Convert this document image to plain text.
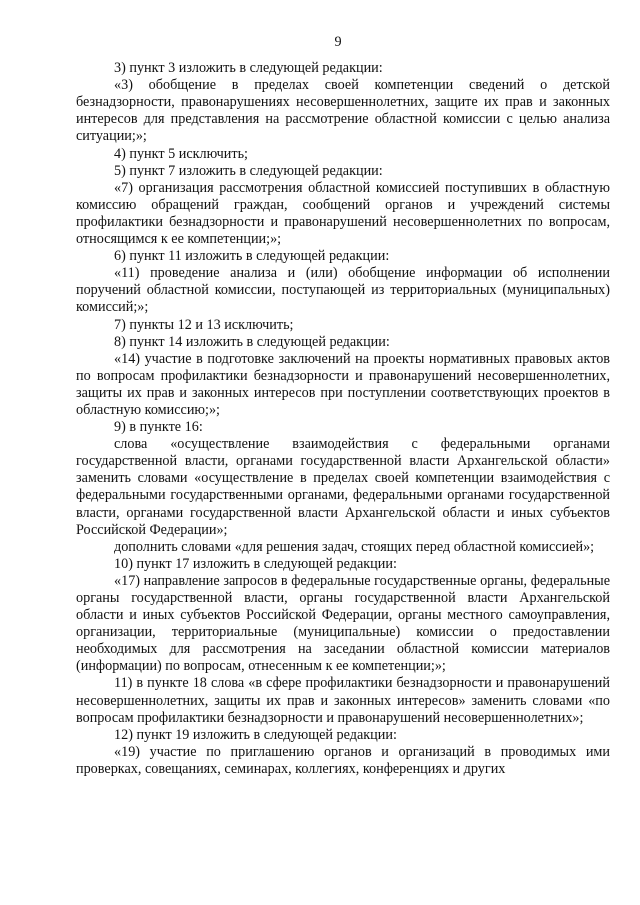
9

3) пункт 3 изложить в следующей редакции:

«3) обобщение в пределах своей компетенции сведений о детской безнадзорности, правонарушениях несовершеннолетних, защите их прав и законных интересов для представления на рассмотрение областной комиссии с целью анализа ситуации;»;

4) пункт 5 исключить;

5) пункт 7 изложить в следующей редакции:

«7) организация рассмотрения областной комиссией поступивших в областную комиссию обращений граждан, сообщений органов и учреждений системы профилактики безнадзорности и правонарушений несовершеннолетних по вопросам, относящимся к ее компетенции;»;

6) пункт 11 изложить в следующей редакции:

«11) проведение анализа и (или) обобщение информации об исполнении поручений областной комиссии, поступающей из территориальных (муниципальных) комиссий;»;

7) пункты 12 и 13 исключить;

8) пункт 14 изложить в следующей редакции:

«14) участие в подготовке заключений на проекты нормативных правовых актов по вопросам профилактики безнадзорности и правонарушений несовершеннолетних, защиты их прав и законных интересов при поступлении соответствующих проектов в областную комиссию;»;

9) в пункте 16:

слова «осуществление взаимодействия с федеральными органами государственной власти, органами государственной власти Архангельской области» заменить словами «осуществление в пределах своей компетенции взаимодействия с федеральными государственными органами, федеральными органами государственной власти, органами государственной власти Архангельской области и иных субъектов Российской Федерации»;

дополнить словами «для решения задач, стоящих перед областной комиссией»;

10) пункт 17 изложить в следующей редакции:

«17) направление запросов в федеральные государственные органы, федеральные органы государственной власти, органы государственной власти Архангельской области и иных субъектов Российской Федерации, органы местного самоуправления, организации, территориальные (муниципальные) комиссии о предоставлении необходимых для рассмотрения на заседании областной комиссии материалов (информации) по вопросам, отнесенным к ее компетенции;»;

11) в пункте 18 слова «в сфере профилактики безнадзорности и правонарушений несовершеннолетних, защиты их прав и законных интересов» заменить словами «по вопросам профилактики безнадзорности и правонарушений несовершеннолетних»;

12) пункт 19 изложить в следующей редакции:

«19) участие по приглашению органов и организаций в проводимых ими проверках, совещаниях, семинарах, коллегиях, конференциях и других
